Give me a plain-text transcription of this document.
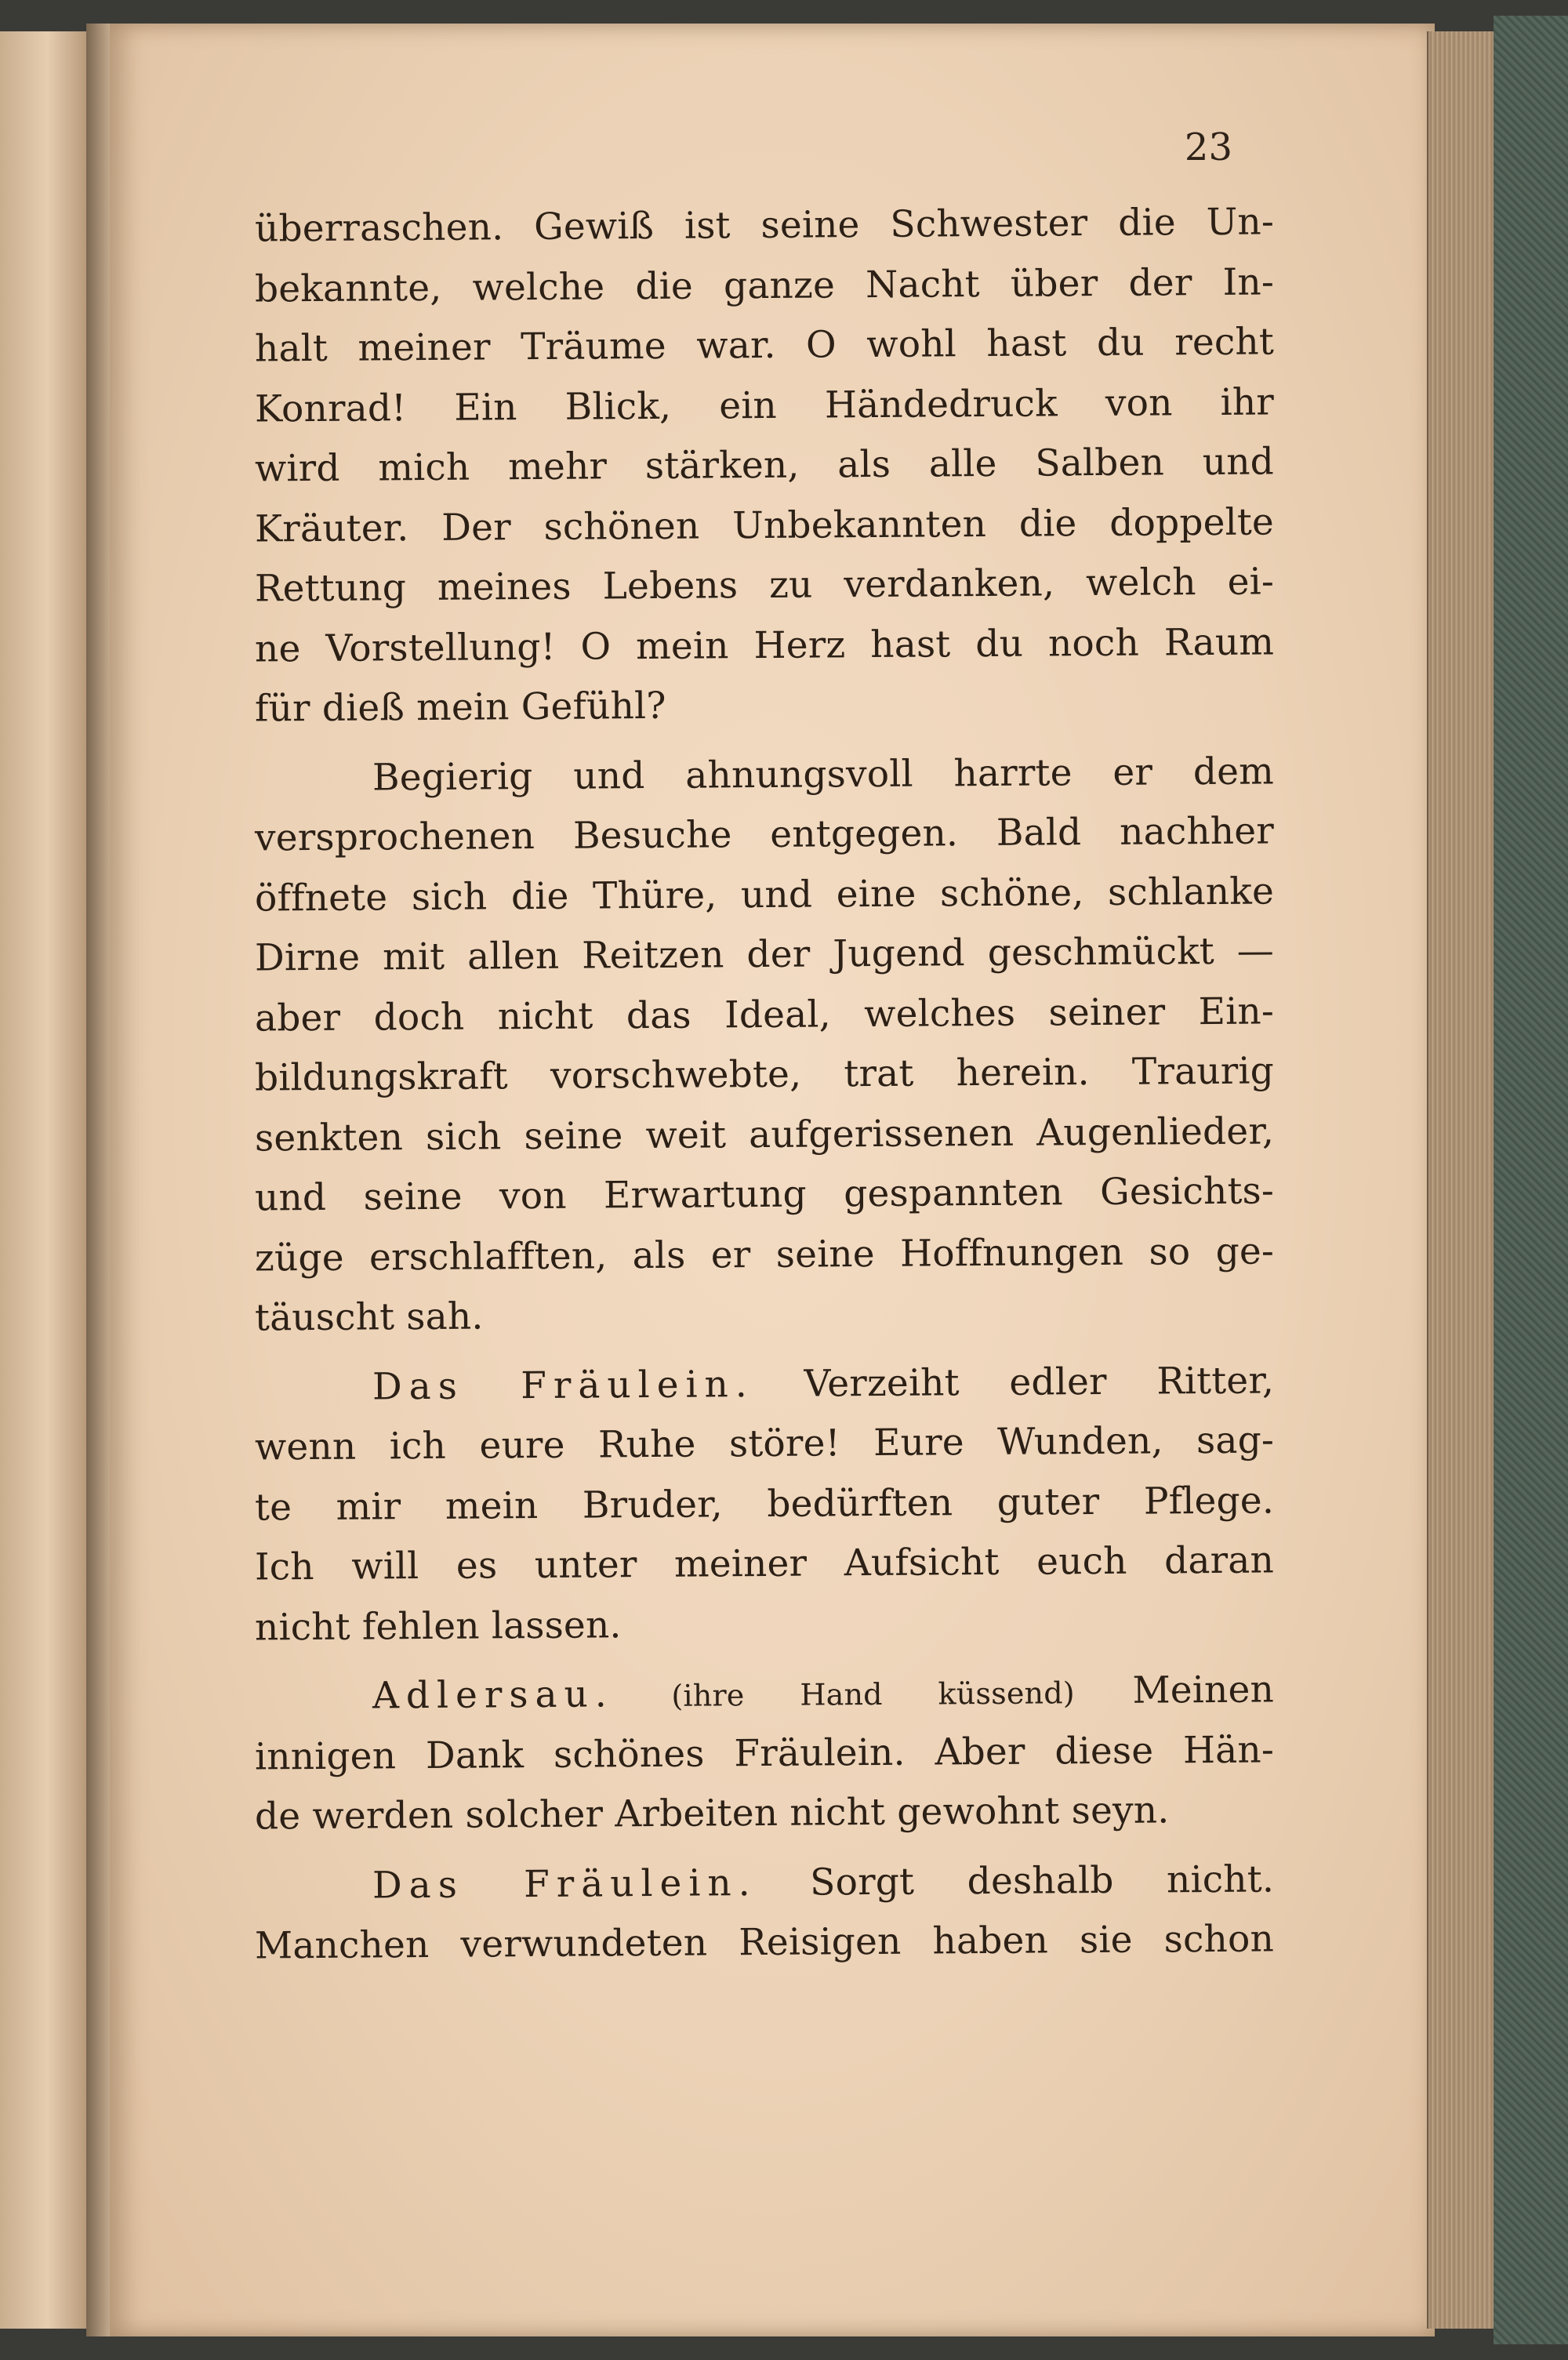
23
überraschen. Gewiß ist seine Schwester die Un-
bekannte, welche die ganze Nacht über der In-
halt meiner Träume war. O wohl hast du recht
Konrad! Ein Blick, ein Händedruck von ihr
wird mich mehr stärken, als alle Salben und
Kräuter. Der schönen Unbekannten die doppelte
Rettung meines Lebens zu verdanken, welch ei-
ne Vorstellung! O mein Herz hast du noch Raum
für dieß mein Gefühl?
Begierig und ahnungsvoll harrte er dem
versprochenen Besuche entgegen. Bald nachher
öffnete sich die Thüre, und eine schöne, schlanke
Dirne mit allen Reitzen der Jugend geschmückt —
aber doch nicht das Ideal, welches seiner Ein-
bildungskraft vorschwebte, trat herein. Traurig
senkten sich seine weit aufgerissenen Augenlieder,
und seine von Erwartung gespannten Gesichts-
züge erschlafften, als er seine Hoffnungen so ge-
täuscht sah.
Das Fräulein. Verzeiht edler Ritter,
wenn ich eure Ruhe störe! Eure Wunden, sag-
te mir mein Bruder, bedürften guter Pflege.
Ich will es unter meiner Aufsicht euch daran
nicht fehlen lassen.
Adlersau. (ihre Hand küssend) Meinen
innigen Dank schönes Fräulein. Aber diese Hän-
de werden solcher Arbeiten nicht gewohnt seyn.
Das Fräulein. Sorgt deshalb nicht.
Manchen verwundeten Reisigen haben sie schon
